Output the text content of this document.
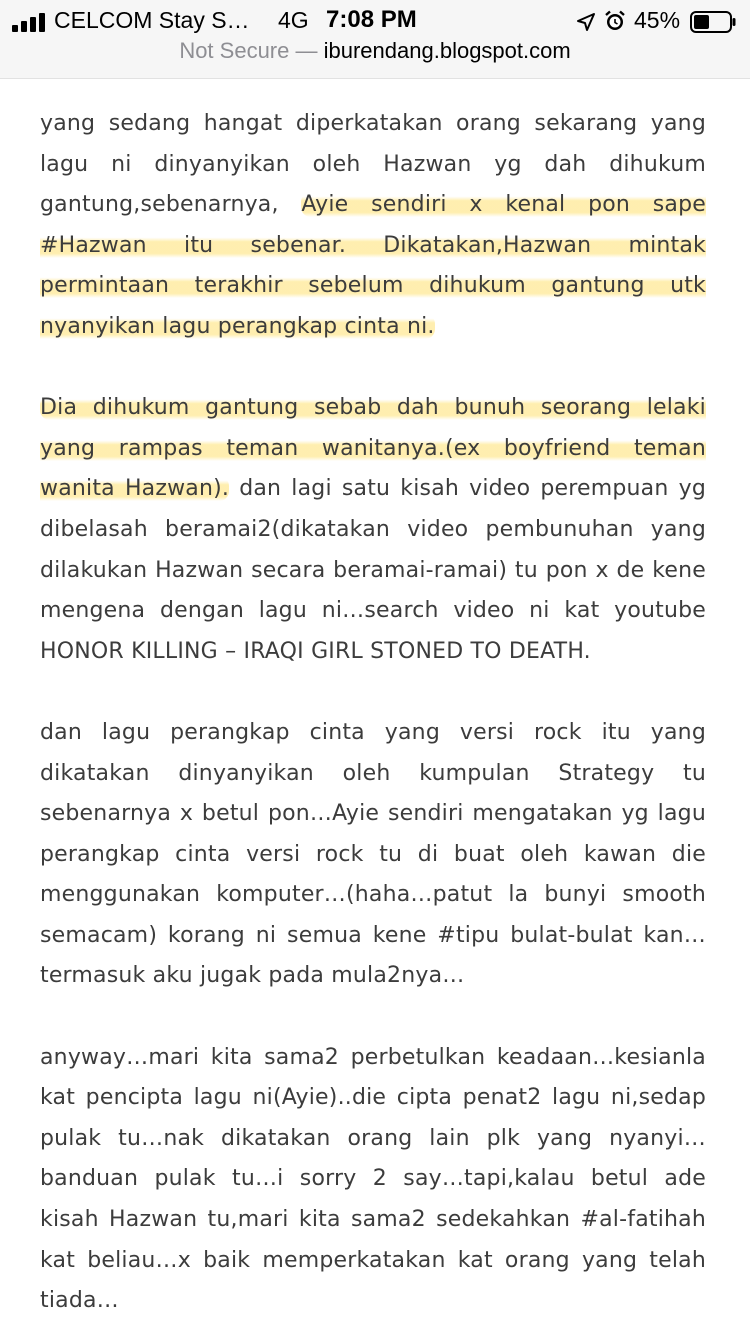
CELCOM Stay S… 4G 7:08 PM	45%
Not Secure — iburendang.blogspot.com

yang sedang hangat diperkatakan orang sekarang yang lagu ni dinyanyikan oleh Hazwan yg dah dihukum gantung,sebenarnya, Ayie sendiri x kenal pon sape #Hazwan itu sebenar. Dikatakan,Hazwan mintak permintaan terakhir sebelum dihukum gantung utk nyanyikan lagu perangkap cinta ni.

Dia dihukum gantung sebab dah bunuh seorang lelaki yang rampas teman wanitanya.(ex boyfriend teman wanita Hazwan). dan lagi satu kisah video perempuan yg dibelasah beramai2(dikatakan video pembunuhan yang dilakukan Hazwan secara beramai-ramai) tu pon x de kene mengena dengan lagu ni…search video ni kat youtube HONOR KILLING – IRAQI GIRL STONED TO DEATH.

dan lagu perangkap cinta yang versi rock itu yang dikatakan dinyanyikan oleh kumpulan Strategy tu sebenarnya x betul pon…Ayie sendiri mengatakan yg lagu perangkap cinta versi rock tu di buat oleh kawan die menggunakan komputer…(haha…patut la bunyi smooth semacam) korang ni semua kene #tipu bulat-bulat kan…termasuk aku jugak pada mula2nya…

anyway…mari kita sama2 perbetulkan keadaan…kesianla kat pencipta lagu ni(Ayie)..die cipta penat2 lagu ni,sedap pulak tu…nak dikatakan orang lain plk yang nyanyi…banduan pulak tu…i sorry 2 say…tapi,kalau betul ade kisah Hazwan tu,mari kita sama2 sedekahkan #al-fatihah kat beliau…x baik memperkatakan kat orang yang telah tiada…
